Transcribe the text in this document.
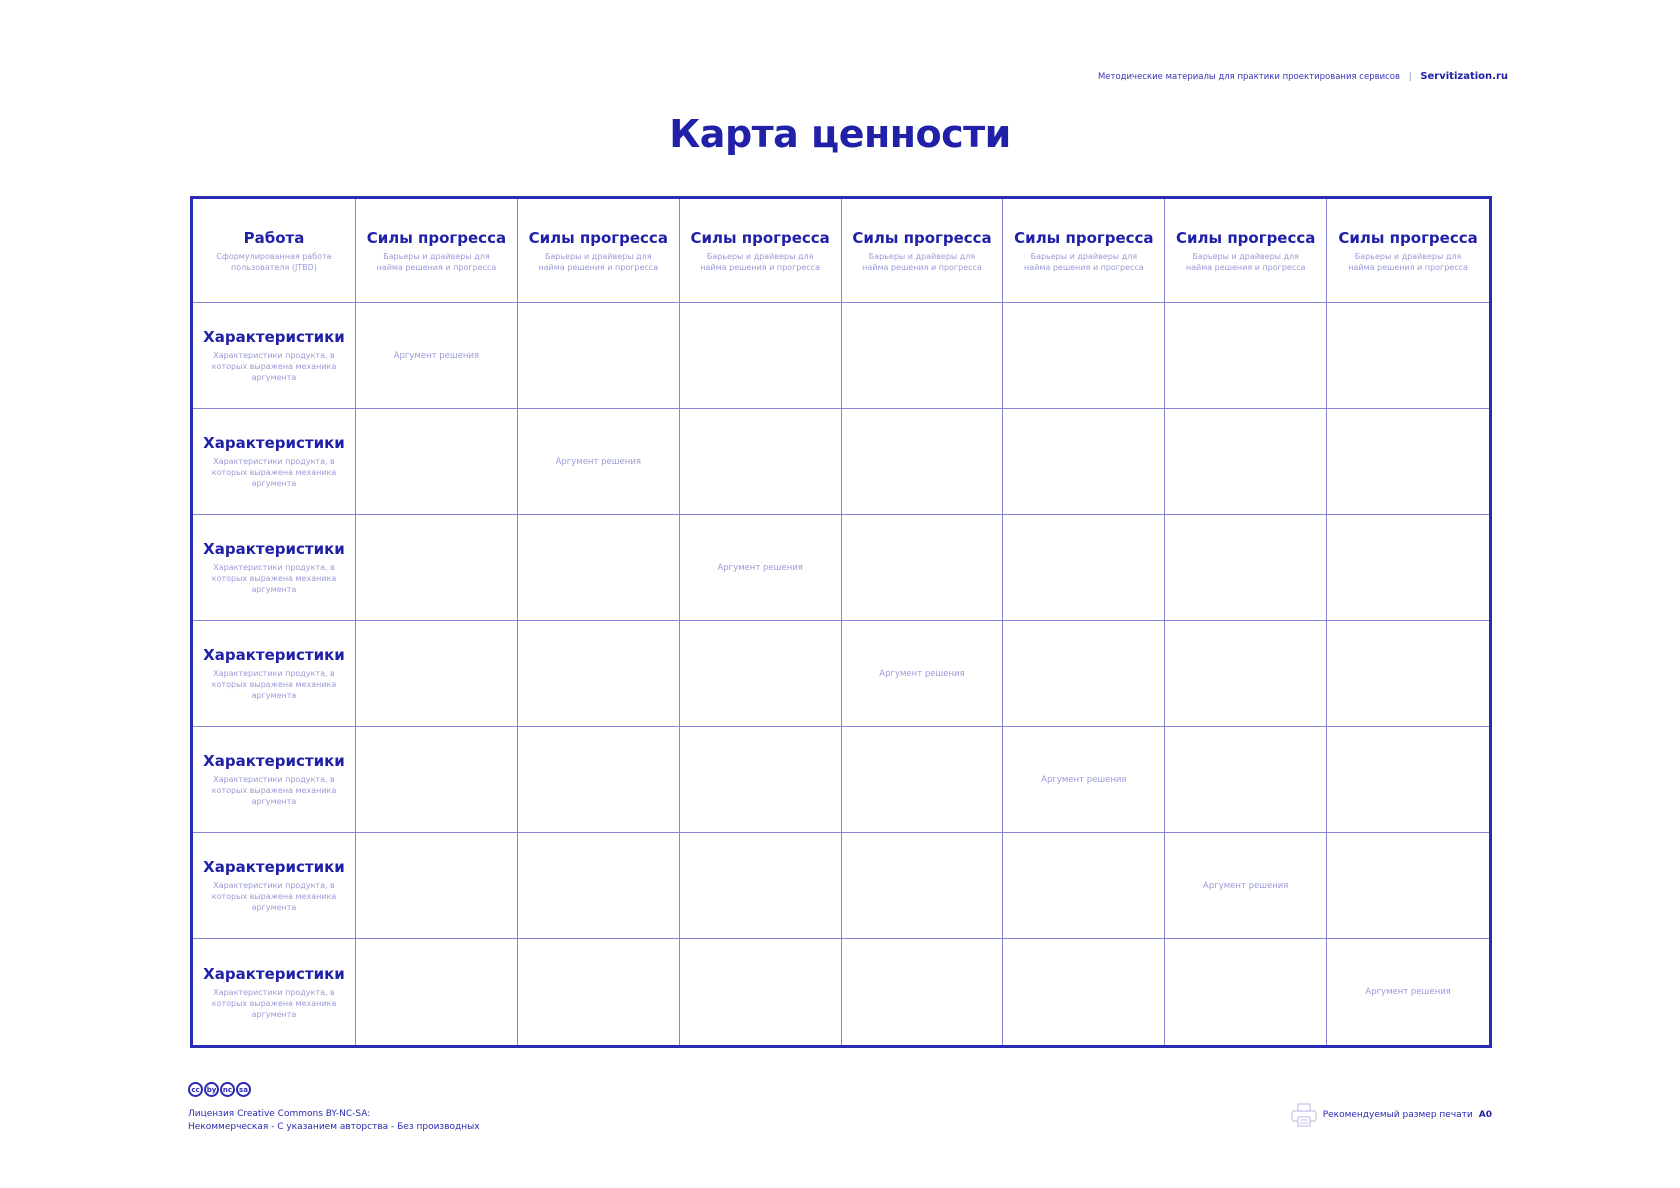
Методические материалы для практики проектирования сервисов | Servitization.ru
Карта ценности
Работа
Сформулированная работа пользователя (JTBD)
Силы прогресса
Барьеры и драйверы для найма решения и прогресса
Силы прогресса
Барьеры и драйверы для найма решения и прогресса
Силы прогресса
Барьеры и драйверы для найма решения и прогресса
Силы прогресса
Барьеры и драйверы для найма решения и прогресса
Силы прогресса
Барьеры и драйверы для найма решения и прогресса
Силы прогресса
Барьеры и драйверы для найма решения и прогресса
Силы прогресса
Барьеры и драйверы для найма решения и прогресса
Характеристики
Характеристики продукта, в которых выражена механика аргумента
Аргумент решения
Характеристики
Характеристики продукта, в которых выражена механика аргумента
Аргумент решения
Характеристики
Характеристики продукта, в которых выражена механика аргумента
Аргумент решения
Характеристики
Характеристики продукта, в которых выражена механика аргумента
Аргумент решения
Характеристики
Характеристики продукта, в которых выражена механика аргумента
Аргумент решения
Характеристики
Характеристики продукта, в которых выражена механика аргумента
Аргумент решения
Характеристики
Характеристики продукта, в которых выражена механика аргумента
Аргумент решения
cc	by nc sa
Лицензия Creative Commons BY-NC-SA:
Некоммерческая - С указанием авторства - Без производных
Рекомендуемый размер печати A0
